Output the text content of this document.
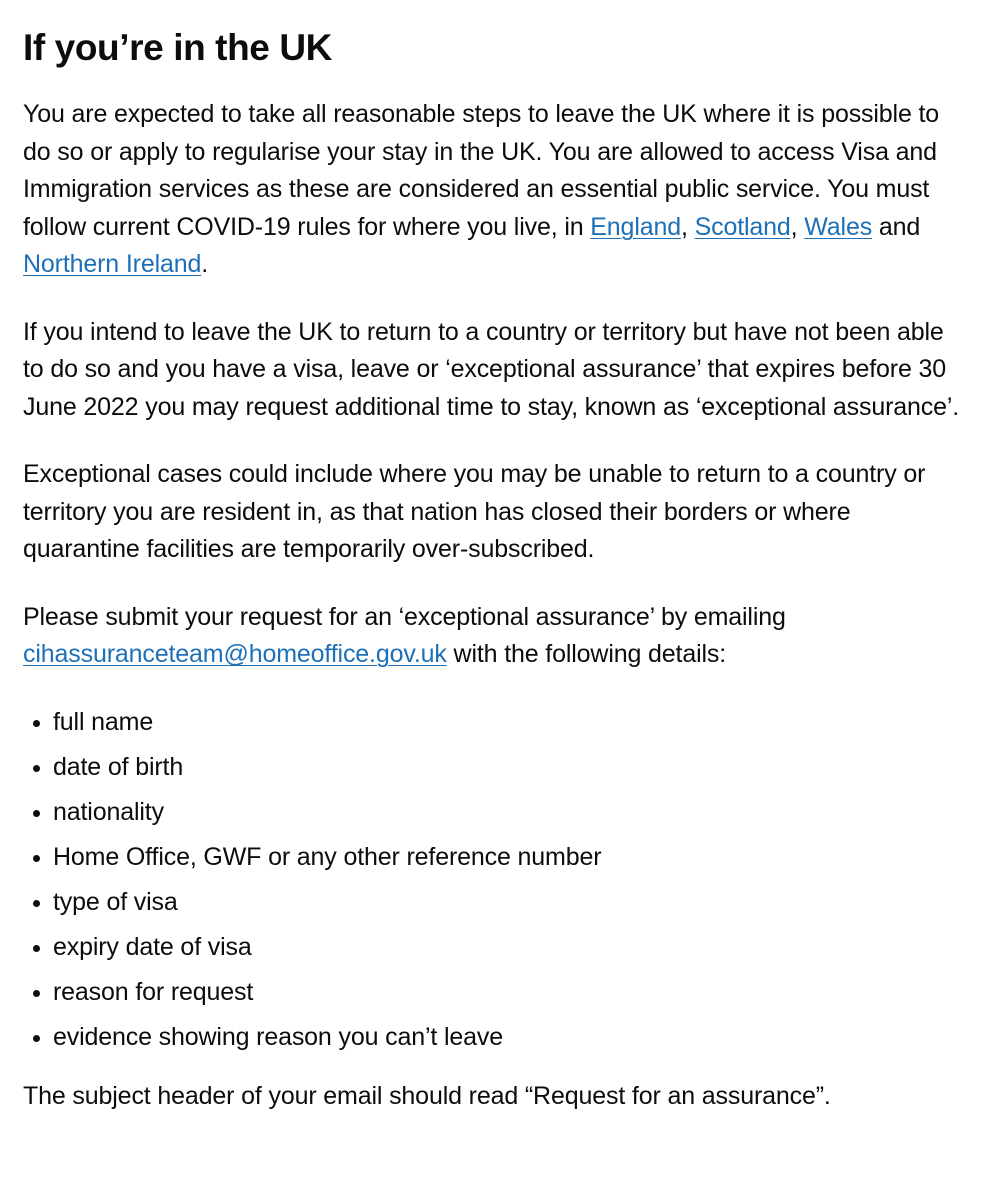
If you’re in the UK

You are expected to take all reasonable steps to leave the UK where it is possible to do so or apply to regularise your stay in the UK. You are allowed to access Visa and Immigration services as these are considered an essential public service. You must follow current COVID-19 rules for where you live, in England, Scotland, Wales and Northern Ireland.

If you intend to leave the UK to return to a country or territory but have not been able to do so and you have a visa, leave or ‘exceptional assurance’ that expires before 30 June 2022 you may request additional time to stay, known as ‘exceptional assurance’.

Exceptional cases could include where you may be unable to return to a country or territory you are resident in, as that nation has closed their borders or where quarantine facilities are temporarily over-subscribed.

Please submit your request for an ‘exceptional assurance’ by emailing
cihassuranceteam@homeoffice.gov.uk with the following details:

• full name
• date of birth
• nationality
• Home Office, GWF or any other reference number
• type of visa
• expiry date of visa
• reason for request
• evidence showing reason you can’t leave

The subject header of your email should read “Request for an assurance”.
